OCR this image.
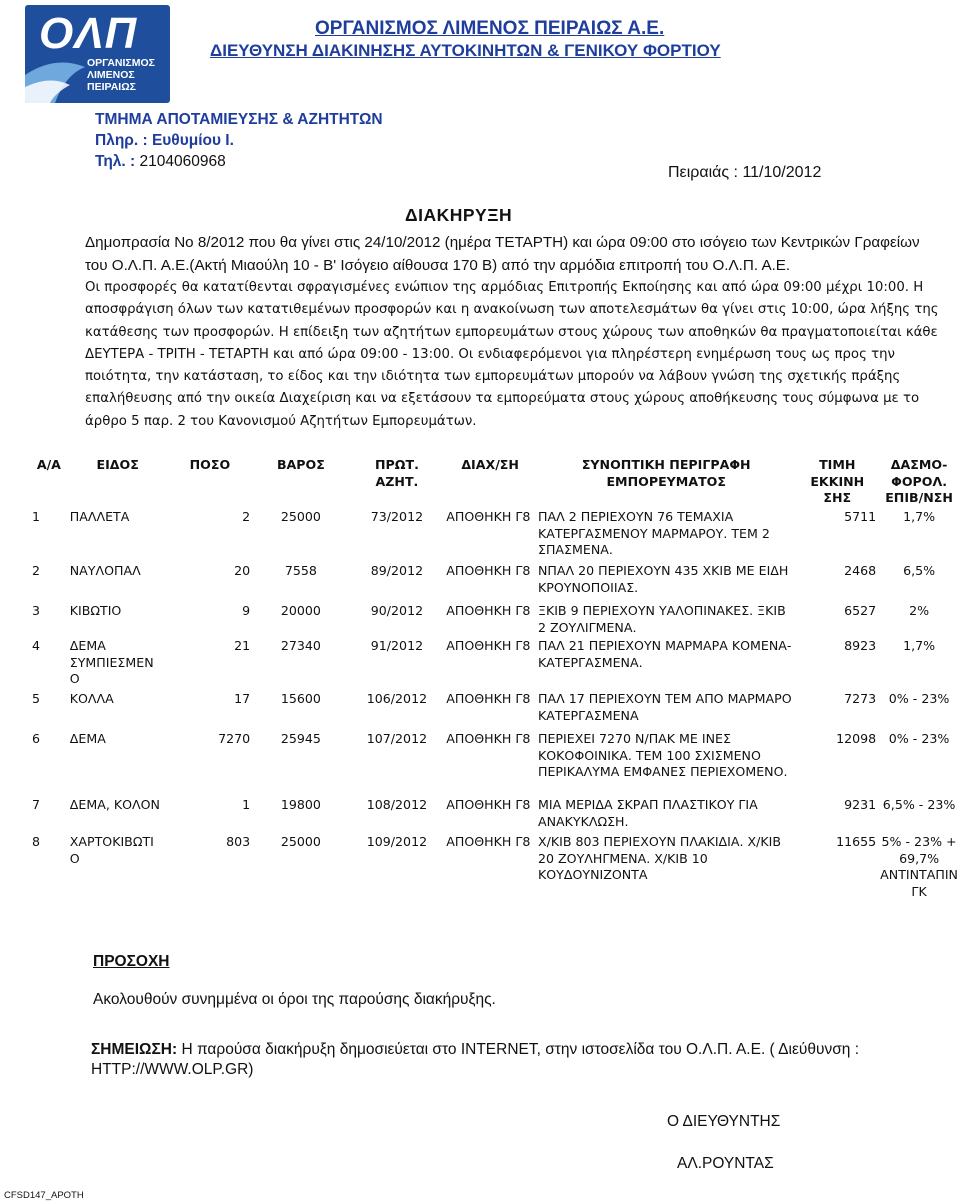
ΟΛΠ
ΟΡΓΑΝΙΣΜΟΣ
ΛΙΜΕΝΟΣ
ΠΕΙΡΑΙΩΣ
ΟΡΓΑΝΙΣΜΟΣ ΛΙΜΕΝΟΣ ΠΕΙΡΑΙΩΣ Α.Ε.
ΔΙΕΥΘΥΝΣΗ ΔΙΑΚΙΝΗΣΗΣ ΑΥΤΟΚΙΝΗΤΩΝ & ΓΕΝΙΚΟΥ ΦΟΡΤΙΟΥ
ΤΜΗΜΑ ΑΠΟΤΑΜΙΕΥΣΗΣ & ΑΖΗΤΗΤΩΝ
Πληρ. : Ευθυμίου Ι.
Τηλ. : 2104060968
Πειραιάς : 11/10/2012
ΔΙΑΚΗΡΥΞΗ
Δημοπρασία Νο 8/2012 που θα γίνει στις 24/10/2012 (ημέρα ΤΕΤΑΡΤΗ) και ώρα 09:00 στο ισόγειο των Κεντρικών Γραφείων του Ο.Λ.Π. Α.Ε.(Ακτή Μιαούλη 10 - Β' Ισόγειο αίθουσα 170 Β) από την αρμόδια επιτροπή του Ο.Λ.Π. Α.Ε.
Οι προσφορές θα κατατίθενται σφραγισμένες ενώπιον της αρμόδιας Επιτροπής Εκποίησης και από ώρα 09:00 μέχρι 10:00. Η αποσφράγιση όλων των κατατιθεμένων προσφορών και η ανακοίνωση των αποτελεσμάτων θα γίνει στις 10:00, ώρα λήξης της κατάθεσης των προσφορών. Η επίδειξη των αζητήτων εμπορευμάτων στους χώρους των αποθηκών θα πραγματοποιείται κάθε ΔΕΥΤΕΡΑ - ΤΡΙΤΗ - ΤΕΤΑΡΤΗ και από ώρα 09:00 - 13:00. Οι ενδιαφερόμενοι για πληρέστερη ενημέρωση τους ως προς την ποιότητα, την κατάσταση, το είδος και την ιδιότητα των εμπορευμάτων μπορούν να λάβουν γνώση της σχετικής πράξης επαλήθευσης από την οικεία Διαχείριση και να εξετάσουν τα εμπορεύματα στους χώρους αποθήκευσης τους σύμφωνα με το άρθρο 5 παρ. 2 του Κανονισμού Αζητήτων Εμπορευμάτων.
Α/Α	ΕΙΔΟΣ	ΠΟΣΟ	ΒΑΡΟΣ	ΠΡΩΤ. ΑΖΗΤ.	ΔΙΑΧ/ΣΗ	ΣΥΝΟΠΤΙΚΗ ΠΕΡΙΓΡΑΦΗ ΕΜΠΟΡΕΥΜΑΤΟΣ	ΤΙΜΗ ΕΚΚΙΝΗ ΣΗΣ	ΔΑΣΜΟ-ΦΟΡΟΛ. ΕΠΙΒ/ΝΣΗ
1	ΠΑΛΛΕΤΑ	2	25000	73/2012	ΑΠΟΘΗΚΗ Γ8	ΠΑΛ 2 ΠΕΡΙΕΧΟΥΝ 76 ΤΕΜΑΧΙΑ ΚΑΤΕΡΓΑΣΜΕΝΟΥ ΜΑΡΜΑΡΟΥ. ΤΕΜ 2 ΣΠΑΣΜΕΝΑ.	5711	1,7%
2	ΝΑΥΛΟΠΑΛ	20	7558	89/2012	ΑΠΟΘΗΚΗ Γ8	ΝΠΑΛ 20 ΠΕΡΙΕΧΟΥΝ 435 ΧΚΙΒ ΜΕ ΕΙΔΗ ΚΡΟΥΝΟΠΟΙΙΑΣ.	2468	6,5%
3	ΚΙΒΩΤΙΟ	9	20000	90/2012	ΑΠΟΘΗΚΗ Γ8	ΞΚΙΒ 9 ΠΕΡΙΕΧΟΥΝ ΥΑΛΟΠΙΝΑΚΕΣ. ΞΚΙΒ 2 ΖΟΥΛΙΓΜΕΝΑ.	6527	2%
4	ΔΕΜΑ ΣΥΜΠΙΕΣΜΕΝ Ο	21	27340	91/2012	ΑΠΟΘΗΚΗ Γ8	ΠΑΛ 21 ΠΕΡΙΕΧΟΥΝ ΜΑΡΜΑΡΑ ΚΟΜΕΝΑ-ΚΑΤΕΡΓΑΣΜΕΝΑ.	8923	1,7%
5	ΚΟΛΛΑ	17	15600	106/2012	ΑΠΟΘΗΚΗ Γ8	ΠΑΛ 17 ΠΕΡΙΕΧΟΥΝ ΤΕΜ ΑΠΟ ΜΑΡΜΑΡΟ ΚΑΤΕΡΓΑΣΜΕΝΑ	7273	0% - 23%
6	ΔΕΜΑ	7270	25945	107/2012	ΑΠΟΘΗΚΗ Γ8	ΠΕΡΙΕΧΕΙ 7270 Ν/ΠΑΚ ΜΕ ΙΝΕΣ ΚΟΚΟΦΟΙΝΙΚΑ. ΤΕΜ 100 ΣΧΙΣΜΕΝΟ ΠΕΡΙΚΑΛΥΜΑ ΕΜΦΑΝΕΣ ΠΕΡΙΕΧΟΜΕΝΟ.	12098	0% - 23%
7	ΔΕΜΑ, ΚΟΛΟΝ	1	19800	108/2012	ΑΠΟΘΗΚΗ Γ8	ΜΙΑ ΜΕΡΙΔΑ ΣΚΡΑΠ ΠΛΑΣΤΙΚΟΥ ΓΙΑ ΑΝΑΚΥΚΛΩΣΗ.	9231	6,5% - 23%
8	ΧΑΡΤΟΚΙΒΩΤΙ Ο	803	25000	109/2012	ΑΠΟΘΗΚΗ Γ8	Χ/ΚΙΒ 803 ΠΕΡΙΕΧΟΥΝ ΠΛΑΚΙΔΙΑ. Χ/ΚΙΒ 20 ΖΟΥΛΗΓΜΕΝΑ. Χ/ΚΙΒ 10 ΚΟΥΔΟΥΝΙΖΟΝΤΑ	11655	5% - 23% + 69,7% ΑΝΤΙΝΤΑΠΙΝ ΓΚ
ΠΡΟΣΟΧΗ
Ακολουθούν συνημμένα οι όροι της παρούσης διακήρυξης.
ΣΗΜΕΙΩΣΗ: Η παρούσα διακήρυξη δημοσιεύεται στο INTERNET, στην ιστοσελίδα του Ο.Λ.Π. Α.Ε. ( Διεύθυνση : HTTP://WWW.OLP.GR)
Ο ΔΙΕΥΘΥΝΤΗΣ
ΑΛ.ΡΟΥΝΤΑΣ
CFSD147_APOTH
